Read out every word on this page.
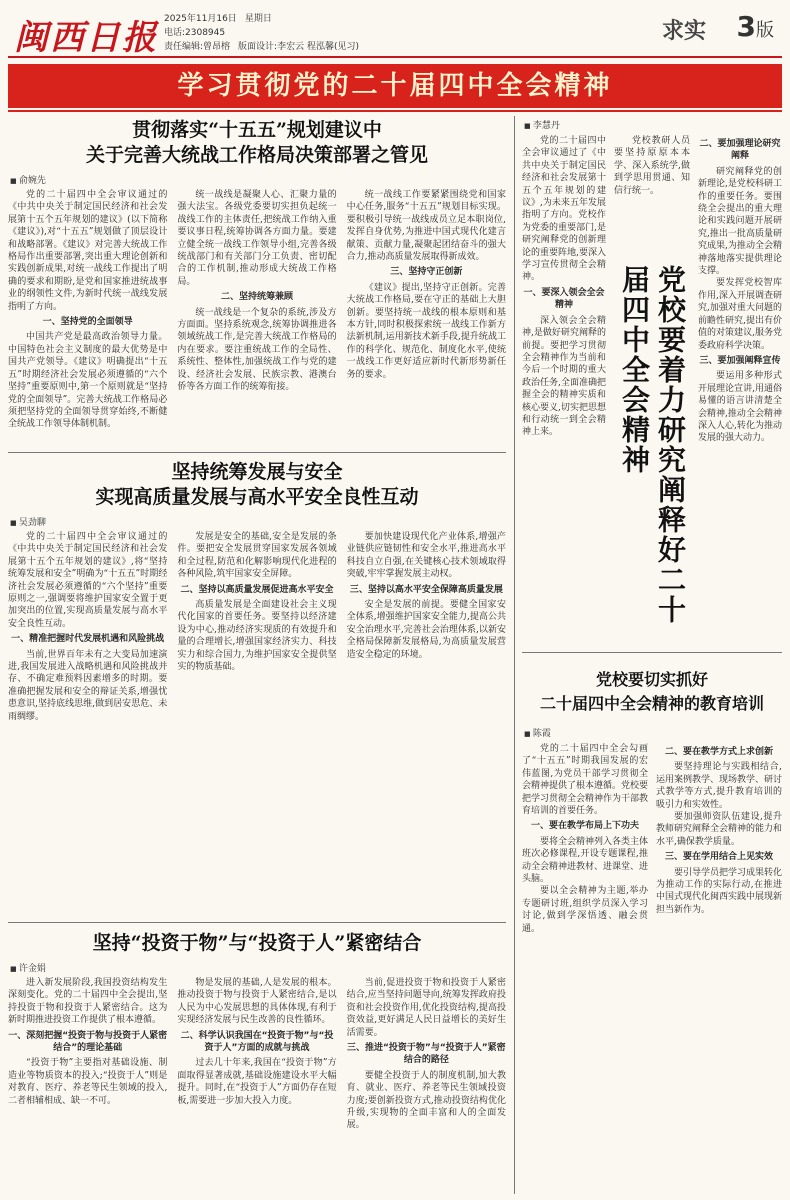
闽西日报 2025年11月16日 星期日
电话:2308945
责任编辑:曾昂榕 版面设计:李宏云 程泓馨(见习)
求实 3版
学习贯彻党的二十届四中全会精神
贯彻落实“十五五”规划建议中
关于完善大统战工作格局决策部署之管见
■ 俞婉先

党的二十届四中全会审议通过的《中共中央关于制定国民经济和社会发展第十五个五年规划的建议》(以下简称《建议》),对“十五五”规划做了顶层设计和战略部署。《建议》对完善大统战工作格局作出重要部署,突出重大理论创新和实践创新成果,对统一战线工作提出了明确的要求和期盼,是党和国家推进统战事业的纲领性文件,为新时代统一战线发展指明了方向。

一、坚持党的全面领导

中国共产党是最高政治领导力量。中国特色社会主义制度的最大优势是中国共产党领导。《建议》明确提出“十五五”时期经济社会发展必须遵循的“六个坚持”重要原则中,第一个原则就是“坚持党的全面领导”。完善大统战工作格局必须把坚持党的全面领导贯穿始终,不断健全统战工作领导体制机制。

统一战线是凝聚人心、汇聚力量的强大法宝。各级党委要切实担负起统一战线工作的主体责任,把统战工作纳入重要议事日程,统筹协调各方面力量。要建立健全统一战线工作领导小组,完善各级统战部门和有关部门分工负责、密切配合的工作机制,推动形成大统战工作格局。

二、坚持统筹兼顾

统一战线是一个复杂的系统,涉及方方面面。坚持系统观念,统筹协调推进各领域统战工作,是完善大统战工作格局的内在要求。要注重统战工作的全局性、系统性、整体性,加强统战工作与党的建设、经济社会发展、民族宗教、港澳台侨等各方面工作的统筹衔接。

统一战线工作要紧紧围绕党和国家中心任务,服务“十五五”规划目标实现。要积极引导统一战线成员立足本职岗位,发挥自身优势,为推进中国式现代化建言献策、贡献力量,凝聚起团结奋斗的强大合力,推动高质量发展取得新成效。

三、坚持守正创新

《建议》提出,坚持守正创新。完善大统战工作格局,要在守正的基础上大胆创新。要坚持统一战线的根本原则和基本方针,同时积极探索统一战线工作新方法新机制,运用新技术新手段,提升统战工作的科学化、规范化、制度化水平,使统一战线工作更好适应新时代新形势新任务的要求。

坚持统筹发展与安全
实现高质量发展与高水平安全良性互动
■ 吴劲聊

党的二十届四中全会审议通过的《中共中央关于制定国民经济和社会发展第十五个五年规划的建议》,将“坚持统筹发展和安全”明确为“十五五”时期经济社会发展必须遵循的“六个坚持”重要原则之一,强调要将维护国家安全置于更加突出的位置,实现高质量发展与高水平安全良性互动。

一、精准把握时代发展机遇和风险挑战

当前,世界百年未有之大变局加速演进,我国发展进入战略机遇和风险挑战并存、不确定难预料因素增多的时期。要准确把握发展和安全的辩证关系,增强忧患意识,坚持底线思维,做到居安思危、未雨绸缪。

发展是安全的基础,安全是发展的条件。要把安全发展贯穿国家发展各领域和全过程,防范和化解影响现代化进程的各种风险,筑牢国家安全屏障。

二、坚持以高质量发展促进高水平安全

高质量发展是全面建设社会主义现代化国家的首要任务。要坚持以经济建设为中心,推动经济实现质的有效提升和量的合理增长,增强国家经济实力、科技实力和综合国力,为维护国家安全提供坚实的物质基础。

要加快建设现代化产业体系,增强产业链供应链韧性和安全水平,推进高水平科技自立自强,在关键核心技术领域取得突破,牢牢掌握发展主动权。

三、坚持以高水平安全保障高质量发展

安全是发展的前提。要健全国家安全体系,增强维护国家安全能力,提高公共安全治理水平,完善社会治理体系,以新安全格局保障新发展格局,为高质量发展营造安全稳定的环境。

坚持“投资于物”与“投资于人”紧密结合
■ 许金娟

进入新发展阶段,我国投资结构发生深刻变化。党的二十届四中全会提出,坚持投资于物和投资于人紧密结合。这为新时期推进投资工作提供了根本遵循。

一、深刻把握“投资于物与投资于人紧密结合”的理论基础

“投资于物”主要指对基础设施、制造业等物质资本的投入;“投资于人”则是对教育、医疗、养老等民生领域的投入,二者相辅相成、缺一不可。

物是发展的基础,人是发展的根本。推动投资于物与投资于人紧密结合,是以人民为中心发展思想的具体体现,有利于实现经济发展与民生改善的良性循环。

二、科学认识我国在“投资于物”与“投资于人”方面的成就与挑战

过去几十年来,我国在“投资于物”方面取得显著成就,基础设施建设水平大幅提升。同时,在“投资于人”方面仍存在短板,需要进一步加大投入力度。

当前,促进投资于物和投资于人紧密结合,应当坚持问题导向,统筹发挥政府投资和社会投资作用,优化投资结构,提高投资效益,更好满足人民日益增长的美好生活需要。

三、推进“投资于物”与“投资于人”紧密结合的路径

要健全投资于人的制度机制,加大教育、就业、医疗、养老等民生领域投资力度;要创新投资方式,推动投资结构优化升级,实现物的全面丰富和人的全面发展。

■ 李慧丹

党的二十届四中全会审议通过了《中共中央关于制定国民经济和社会发展第十五个五年规划的建议》,为未来五年发展指明了方向。党校作为党委的重要部门,是研究阐释党的创新理论的重要阵地,要深入学习宣传贯彻全会精神。

一、要深入领会全会精神

深入领会全会精神,是做好研究阐释的前提。要把学习贯彻全会精神作为当前和今后一个时期的重大政治任务,全面准确把握全会的精神实质和核心要义,切实把思想和行动统一到全会精神上来。	党校要着力研究阐释好二十届四中全会精神

党校教研人员要坚持原原本本学、深入系统学,做到学思用贯通、知信行统一。

二、要加强理论研究阐释

研究阐释党的创新理论,是党校科研工作的重要任务。要围绕全会提出的重大理论和实践问题开展研究,推出一批高质量研究成果,为推动全会精神落地落实提供理论支撑。

要发挥党校智库作用,深入开展调查研究,加强对重大问题的前瞻性研究,提出有价值的对策建议,服务党委政府科学决策。

三、要加强阐释宣传

要运用多种形式开展理论宣讲,用通俗易懂的语言讲清楚全会精神,推动全会精神深入人心,转化为推动发展的强大动力。

党校要切实抓好
二十届四中全会精神的教育培训
■ 陈霞

党的二十届四中全会勾画了“十五五”时期我国发展的宏伟蓝图,为党员干部学习贯彻全会精神提供了根本遵循。党校要把学习贯彻全会精神作为干部教育培训的首要任务。

一、要在教学布局上下功夫

要将全会精神列入各类主体班次必修课程,开设专题课程,推动全会精神进教材、进课堂、进头脑。

要以全会精神为主题,举办专题研讨班,组织学员深入学习讨论,做到学深悟透、融会贯通。

二、要在教学方式上求创新

要坚持理论与实践相结合,运用案例教学、现场教学、研讨式教学等方式,提升教育培训的吸引力和实效性。

要加强师资队伍建设,提升教师研究阐释全会精神的能力和水平,确保教学质量。

三、要在学用结合上见实效

要引导学员把学习成果转化为推动工作的实际行动,在推进中国式现代化闽西实践中展现新担当新作为。
